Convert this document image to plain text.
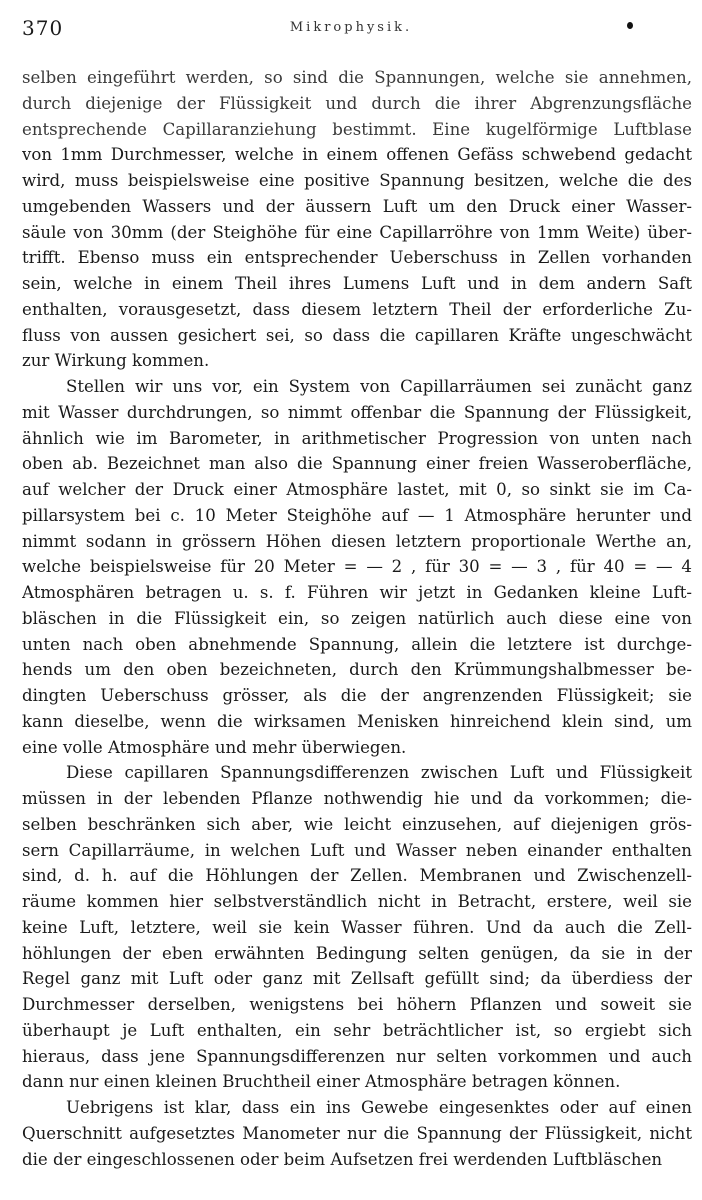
370	Mikrophysik.
selben eingeführt werden, so sind die Spannungen, welche sie annehmen,
durch diejenige der Flüssigkeit und durch die ihrer Abgrenzungsfläche
entsprechende Capillaranziehung bestimmt. Eine kugelförmige Luftblase
von 1mm Durchmesser, welche in einem offenen Gefäss schwebend gedacht
wird, muss beispielsweise eine positive Spannung besitzen, welche die des
umgebenden Wassers und der äussern Luft um den Druck einer Wasser-
säule von 30mm (der Steighöhe für eine Capillarröhre von 1mm Weite) über-
trifft. Ebenso muss ein entsprechender Ueberschuss in Zellen vorhanden
sein, welche in einem Theil ihres Lumens Luft und in dem andern Saft
enthalten, vorausgesetzt, dass diesem letztern Theil der erforderliche Zu-
fluss von aussen gesichert sei, so dass die capillaren Kräfte ungeschwächt
zur Wirkung kommen.
Stellen wir uns vor, ein System von Capillarräumen sei zunächt ganz
mit Wasser durchdrungen, so nimmt offenbar die Spannung der Flüssigkeit,
ähnlich wie im Barometer, in arithmetischer Progression von unten nach
oben ab. Bezeichnet man also die Spannung einer freien Wasseroberfläche,
auf welcher der Druck einer Atmosphäre lastet, mit 0, so sinkt sie im Ca-
pillarsystem bei c. 10 Meter Steighöhe auf — 1 Atmosphäre herunter und
nimmt sodann in grössern Höhen diesen letztern proportionale Werthe an,
welche beispielsweise für 20 Meter = — 2 , für 30 = — 3 , für 40 = — 4
Atmosphären betragen u. s. f. Führen wir jetzt in Gedanken kleine Luft-
bläschen in die Flüssigkeit ein, so zeigen natürlich auch diese eine von
unten nach oben abnehmende Spannung, allein die letztere ist durchge-
hends um den oben bezeichneten, durch den Krümmungshalbmesser be-
dingten Ueberschuss grösser, als die der angrenzenden Flüssigkeit; sie
kann dieselbe, wenn die wirksamen Menisken hinreichend klein sind, um
eine volle Atmosphäre und mehr überwiegen.
Diese capillaren Spannungsdifferenzen zwischen Luft und Flüssigkeit
müssen in der lebenden Pflanze nothwendig hie und da vorkommen; die-
selben beschränken sich aber, wie leicht einzusehen, auf diejenigen grös-
sern Capillarräume, in welchen Luft und Wasser neben einander enthalten
sind, d. h. auf die Höhlungen der Zellen. Membranen und Zwischenzell-
räume kommen hier selbstverständlich nicht in Betracht, erstere, weil sie
keine Luft, letztere, weil sie kein Wasser führen. Und da auch die Zell-
höhlungen der eben erwähnten Bedingung selten genügen, da sie in der
Regel ganz mit Luft oder ganz mit Zellsaft gefüllt sind; da überdiess der
Durchmesser derselben, wenigstens bei höhern Pflanzen und soweit sie
überhaupt je Luft enthalten, ein sehr beträchtlicher ist, so ergiebt sich
hieraus, dass jene Spannungsdifferenzen nur selten vorkommen und auch
dann nur einen kleinen Bruchtheil einer Atmosphäre betragen können.
Uebrigens ist klar, dass ein ins Gewebe eingesenktes oder auf einen
Querschnitt aufgesetztes Manometer nur die Spannung der Flüssigkeit, nicht
die der eingeschlossenen oder beim Aufsetzen frei werdenden Luftbläschen
